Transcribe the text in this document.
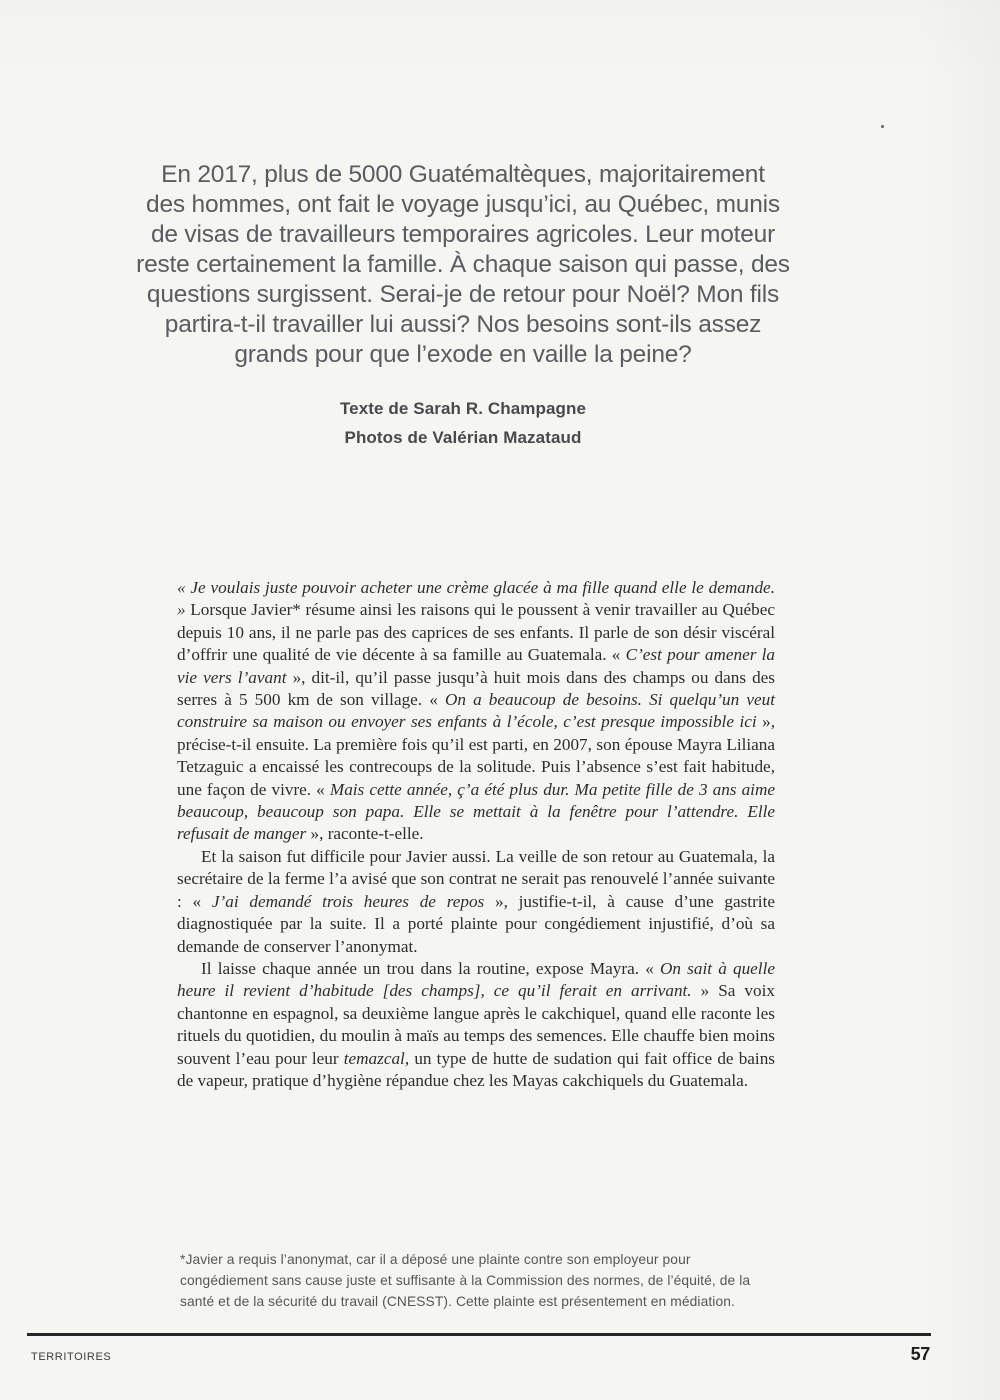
En 2017, plus de 5000 Guatémaltèques, majoritairement
des hommes, ont fait le voyage jusqu’ici, au Québec, munis
de visas de travailleurs temporaires agricoles. Leur moteur
reste certainement la famille. À chaque saison qui passe, des
questions surgissent. Serai-je de retour pour Noël? Mon fils
partira-t-il travailler lui aussi? Nos besoins sont-ils assez
grands pour que l’exode en vaille la peine?
Texte de Sarah R. Champagne
Photos de Valérian Mazataud

« Je voulais juste pouvoir acheter une crème glacée à ma fille quand elle le demande. » Lorsque Javier* résume ainsi les raisons qui le poussent à venir travailler au Québec depuis 10 ans, il ne parle pas des caprices de ses enfants. Il parle de son désir viscéral d’offrir une qualité de vie décente à sa famille au Guatemala. « C’est pour amener la vie vers l’avant », dit-il, qu’il passe jusqu’à huit mois dans des champs ou dans des serres à 5 500 km de son village. « On a beaucoup de besoins. Si quelqu’un veut construire sa maison ou envoyer ses enfants à l’école, c’est presque impossible ici », précise-t-il ensuite. La première fois qu’il est parti, en 2007, son épouse Mayra Liliana Tetzaguic a encaissé les contrecoups de la solitude. Puis l’absence s’est fait habitude, une façon de vivre. « Mais cette année, ç’a été plus dur. Ma petite fille de 3 ans aime beaucoup, beaucoup son papa. Elle se mettait à la fenêtre pour l’attendre. Elle refusait de manger », raconte-t-elle.

Et la saison fut difficile pour Javier aussi. La veille de son retour au Guatemala, la secrétaire de la ferme l’a avisé que son contrat ne serait pas renouvelé l’année suivante : « J’ai demandé trois heures de repos », justifie-t-il, à cause d’une gastrite diagnostiquée par la suite. Il a porté plainte pour congédiement injustifié, d’où sa demande de conserver l’anonymat.

Il laisse chaque année un trou dans la routine, expose Mayra. « On sait à quelle heure il revient d’habitude [des champs], ce qu’il ferait en arrivant. » Sa voix chantonne en espagnol, sa deuxième langue après le cakchiquel, quand elle raconte les rituels du quotidien, du moulin à maïs au temps des semences. Elle chauffe bien moins souvent l’eau pour leur temazcal, un type de hutte de sudation qui fait office de bains de vapeur, pratique d’hygiène répandue chez les Mayas cakchiquels du Guatemala.

*Javier a requis l’anonymat, car il a déposé une plainte contre son employeur pour congédiement sans cause juste et suffisante à la Commission des normes, de l’équité, de la santé et de la sécurité du travail (CNESST). Cette plainte est présentement en médiation.
TERRITOIRES	57
